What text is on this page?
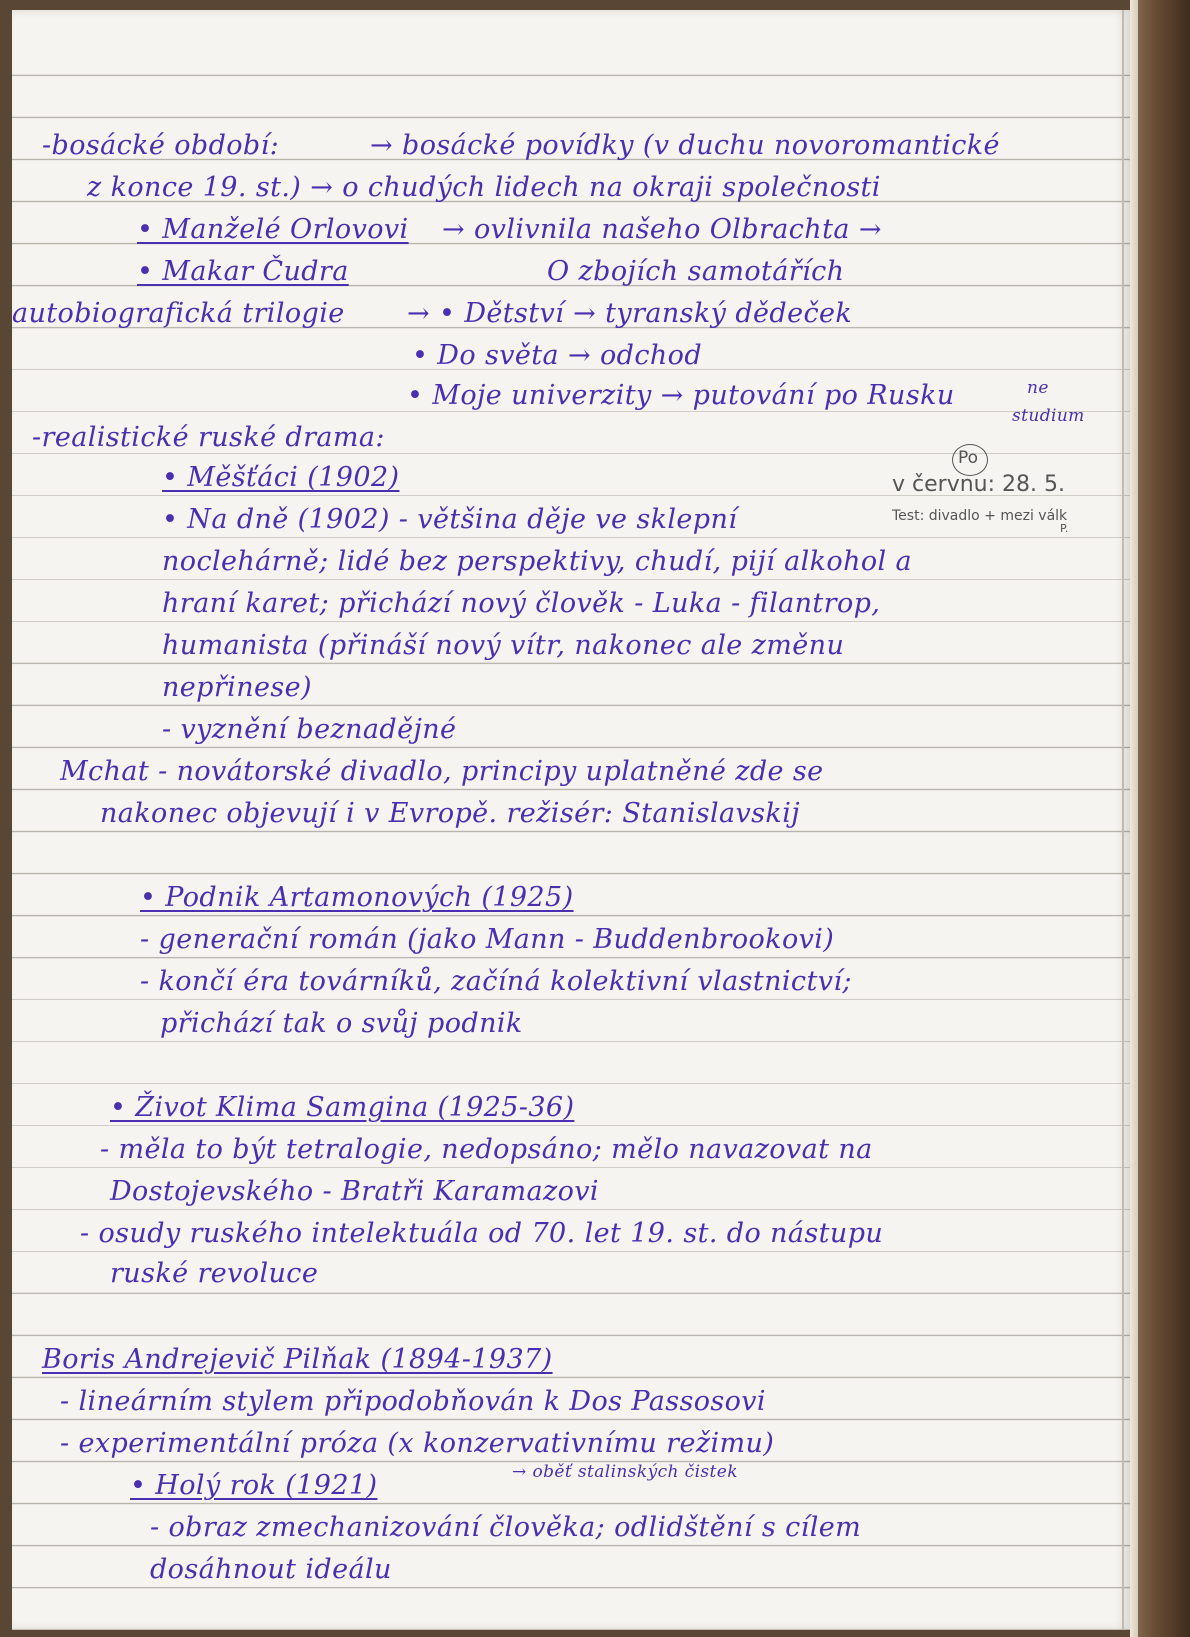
-bosácké období:	→ bosácké povídky (v duchu novoromantické
z konce 19. st.) → o chudých lidech na okraji společnosti
• Manželé Orlovovi → ovlivnila našeho Olbrachta →
• Makar Čudra	O zbojích samotářích
autobiografická trilogie → • Dětství → tyranský dědeček
• Do světa → odchod
• Moje univerzity → putování po Rusku	ne
studium
-realistické ruské drama:
• Měšťáci (1902)
• Na dně (1902) - většina děje ve sklepní
noclehárně; lidé bez perspektivy, chudí, pijí alkohol a
hraní karet; přichází nový člověk - Luka - filantrop,
humanista (přináší nový vítr, nakonec ale změnu
nepřinese)
- vyznění beznadějné
Mchat - novátorské divadlo, principy uplatněné zde se
nakonec objevují i v Evropě. režisér: Stanislavskij
• Podnik Artamonových (1925)
- generační román (jako Mann - Buddenbrookovi)
- končí éra továrníků, začíná kolektivní vlastnictví;
přichází tak o svůj podnik
• Život Klima Samgina (1925-36)
- měla to být tetralogie, nedopsáno; mělo navazovat na
Dostojevského - Bratři Karamazovi
- osudy ruského intelektuála od 70. let 19. st. do nástupu
ruské revoluce
Boris Andrejevič Pilňak (1894-1937)
- lineárním stylem připodobňován k Dos Passosovi
- experimentální próza (x konzervativnímu režimu)
• Holý rok (1921)	→ oběť stalinských čistek
- obraz zmechanizování člověka; odlidštění s cílem
dosáhnout ideálu
Po
v červnu: 28. 5.
Test: divadlo + mezi válk
P.
